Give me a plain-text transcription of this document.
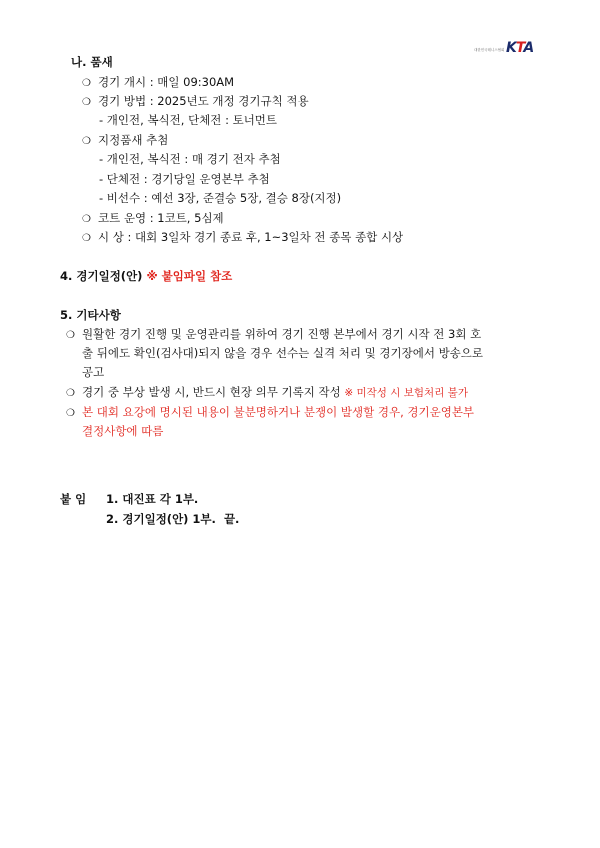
대한민국테니스협회 KTA
나. 품새
❍ 경기 개시 : 매일 09:30AM
❍ 경기 방법 : 2025년도 개정 경기규칙 적용
- 개인전, 복식전, 단체전 : 토너먼트
❍ 지정품새 추첨
- 개인전, 복식전 : 매 경기 전자 추첨
- 단체전 : 경기당일 운영본부 추첨
- 비선수 : 예선 3장, 준결승 5장, 결승 8장(지정)
❍ 코트 운영 : 1코트, 5심제
❍ 시 상 : 대회 3일차 경기 종료 후, 1~3일차 전 종목 종합 시상
4. 경기일정(안) ※ 붙임파일 참조
5. 기타사항
❍ 원활한 경기 진행 및 운영관리를 위하여 경기 진행 본부에서 경기 시작 전 3회 호
출 뒤에도 확인(검사대)되지 않을 경우 선수는 실격 처리 및 경기장에서 방송으로
공고
❍ 경기 중 부상 발생 시, 반드시 현장 의무 기록지 작성 ※ 미작성 시 보험처리 불가
❍ 본 대회 요강에 명시된 내용이 불분명하거나 분쟁이 발생할 경우, 경기운영본부
결정사항에 따름
붙 임 1. 대진표 각 1부.
2. 경기일정(안) 1부. 끝.
